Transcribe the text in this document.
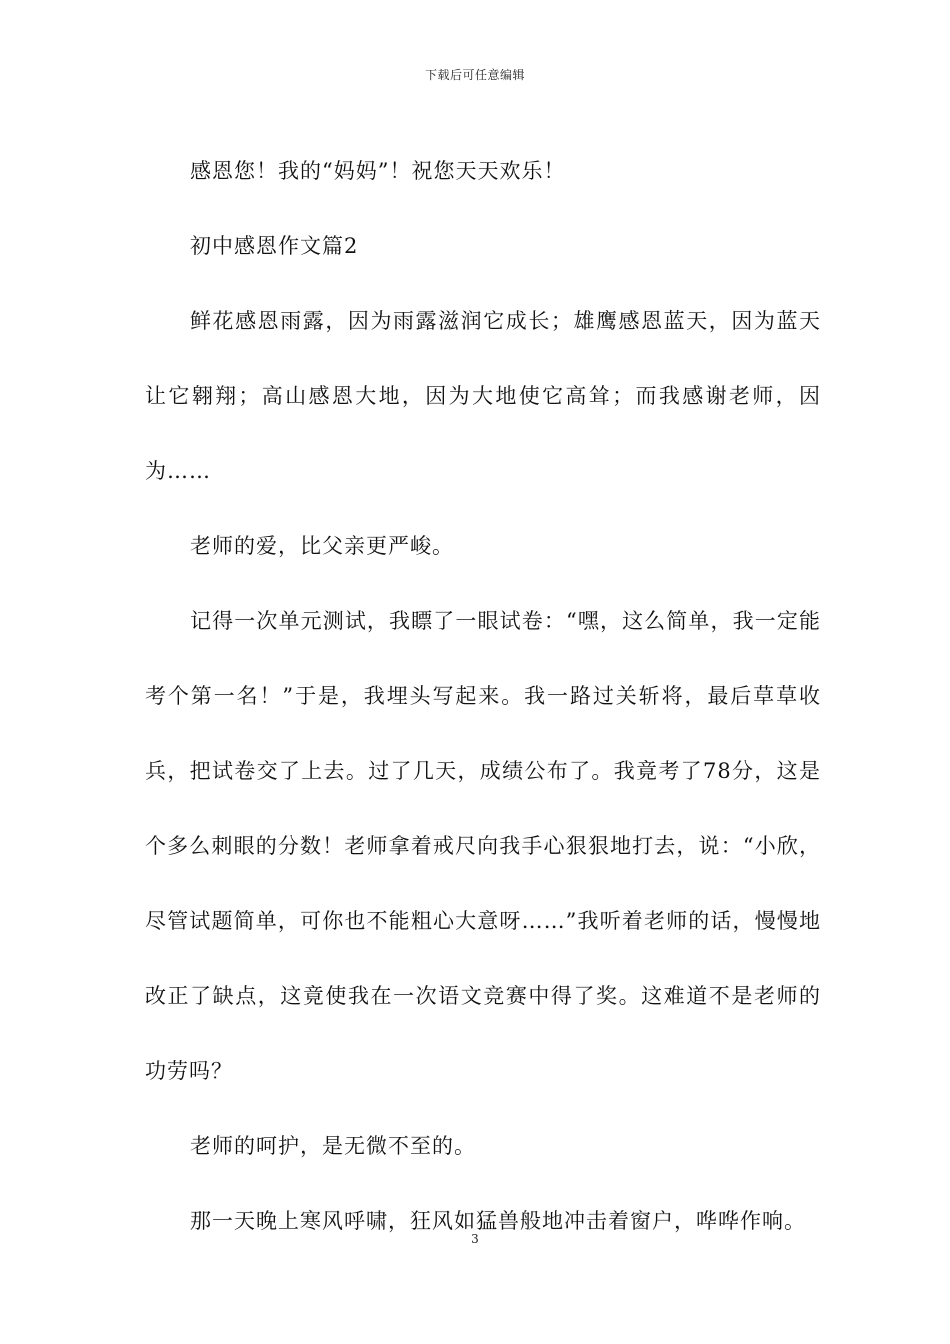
下载后可任意编辑

感恩您！我的“妈妈”！祝您天天欢乐！

初中感恩作文篇2

鲜花感恩雨露，因为雨露滋润它成长；雄鹰感恩蓝天，因为蓝天让它翱翔；高山感恩大地，因为大地使它高耸；而我感谢老师，因为……

老师的爱，比父亲更严峻。

记得一次单元测试，我瞟了一眼试卷：“嘿，这么简单，我一定能考个第一名！”于是，我埋头写起来。我一路过关斩将，最后草草收兵，把试卷交了上去。过了几天，成绩公布了。我竟考了78分，这是个多么刺眼的分数！老师拿着戒尺向我手心狠狠地打去，说：“小欣，尽管试题简单，可你也不能粗心大意呀……”我听着老师的话，慢慢地改正了缺点，这竟使我在一次语文竞赛中得了奖。这难道不是老师的功劳吗？

老师的呵护，是无微不至的。

那一天晚上寒风呼啸，狂风如猛兽般地冲击着窗户，哗哗作响。

3
